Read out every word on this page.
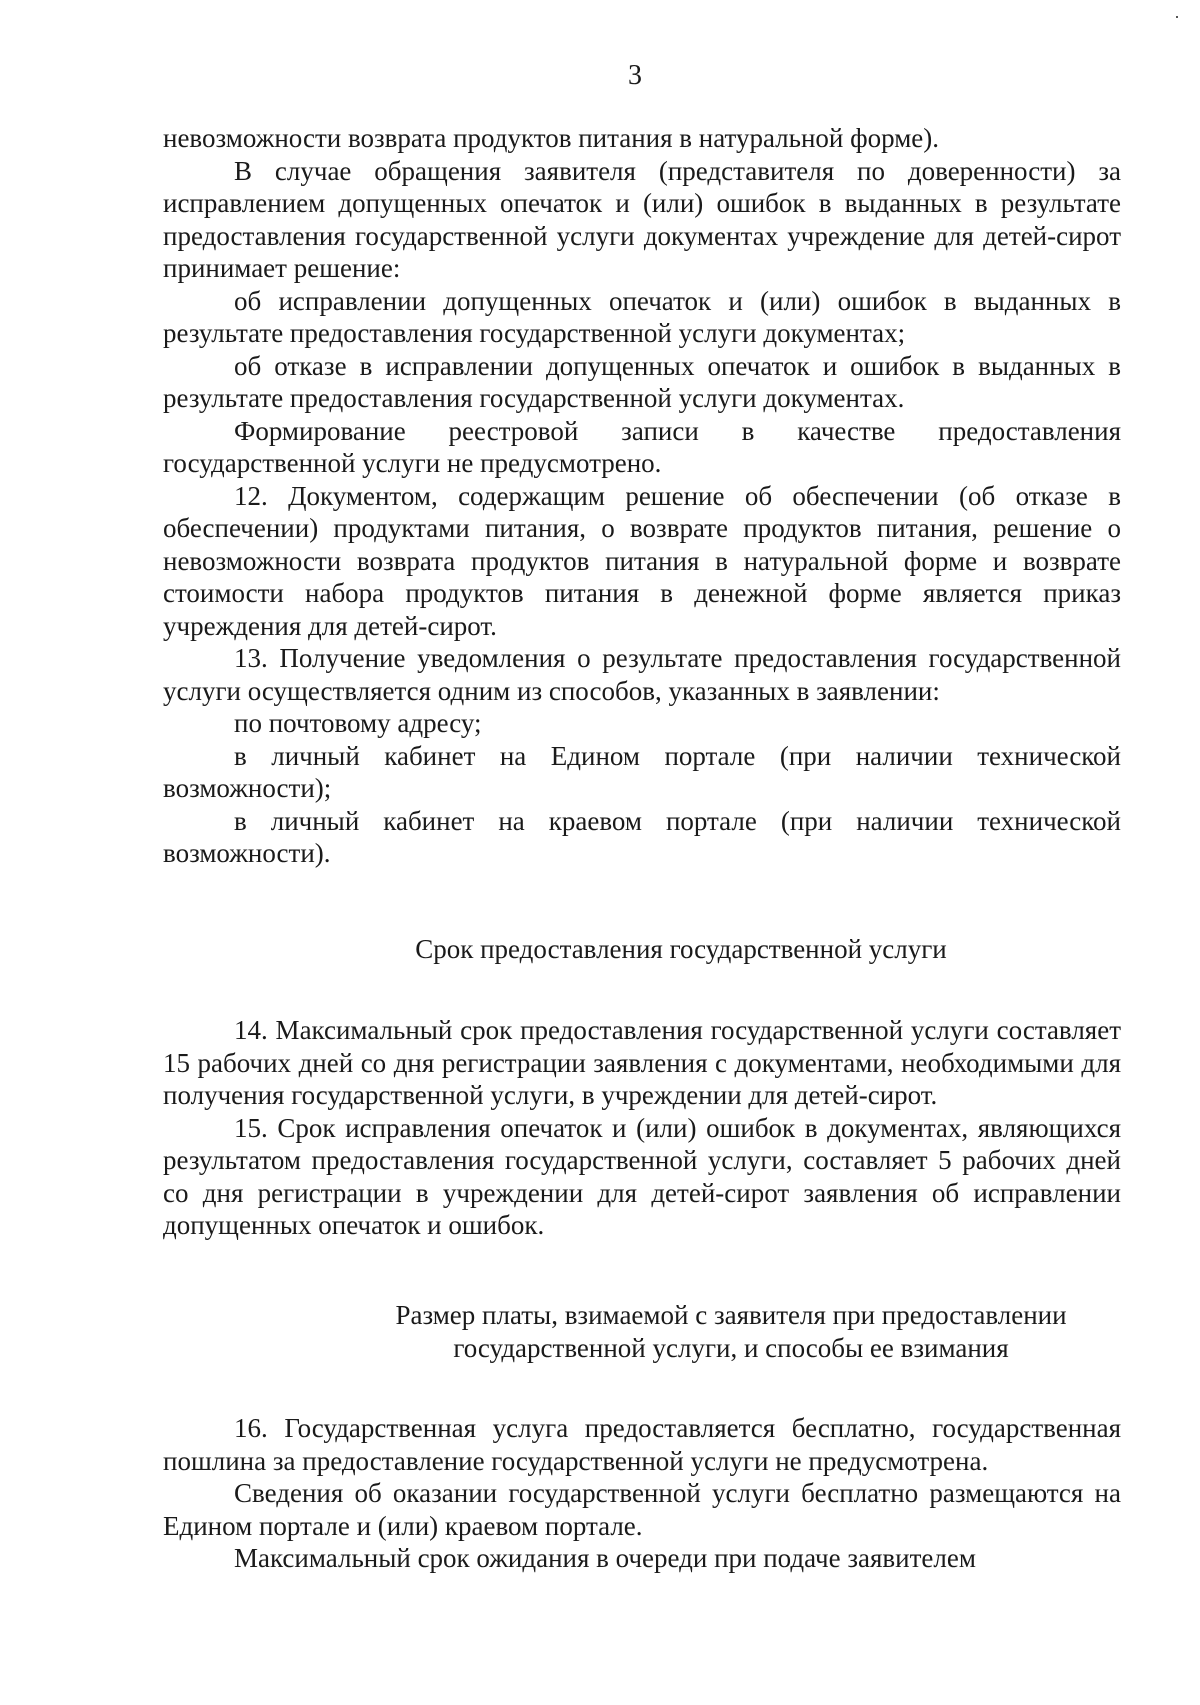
3

невозможности возврата продуктов питания в натуральной форме).

В случае обращения заявителя (представителя по доверенности) за исправлением допущенных опечаток и (или) ошибок в выданных в результате предоставления государственной услуги документах учреждение для детей-сирот принимает решение:

об исправлении допущенных опечаток и (или) ошибок в выданных в результате предоставления государственной услуги документах;

об отказе в исправлении допущенных опечаток и ошибок в выданных в результате предоставления государственной услуги документах.

Формирование реестровой записи в качестве предоставления государственной услуги не предусмотрено.

12. Документом, содержащим решение об обеспечении (об отказе в обеспечении) продуктами питания, о возврате продуктов питания, решение о невозможности возврата продуктов питания в натуральной форме и возврате стоимости набора продуктов питания в денежной форме является приказ учреждения для детей-сирот.

13. Получение уведомления о результате предоставления государственной услуги осуществляется одним из способов, указанных в заявлении:

по почтовому адресу;

в личный кабинет на Едином портале (при наличии технической возможности);

в личный кабинет на краевом портале (при наличии технической возможности).

Срок предоставления государственной услуги

14. Максимальный срок предоставления государственной услуги составляет 15 рабочих дней со дня регистрации заявления с документами, необходимыми для получения государственной услуги, в учреждении для детей-сирот.

15. Срок исправления опечаток и (или) ошибок в документах, являющихся результатом предоставления государственной услуги, составляет 5 рабочих дней со дня регистрации в учреждении для детей-сирот заявления об исправлении допущенных опечаток и ошибок.

Размер платы, взимаемой с заявителя при предоставлении
государственной услуги, и способы ее взимания

16. Государственная услуга предоставляется бесплатно, государственная пошлина за предоставление государственной услуги не предусмотрена.

Сведения об оказании государственной услуги бесплатно размещаются на Едином портале и (или) краевом портале.

Максимальный срок ожидания в очереди при подаче заявителем
